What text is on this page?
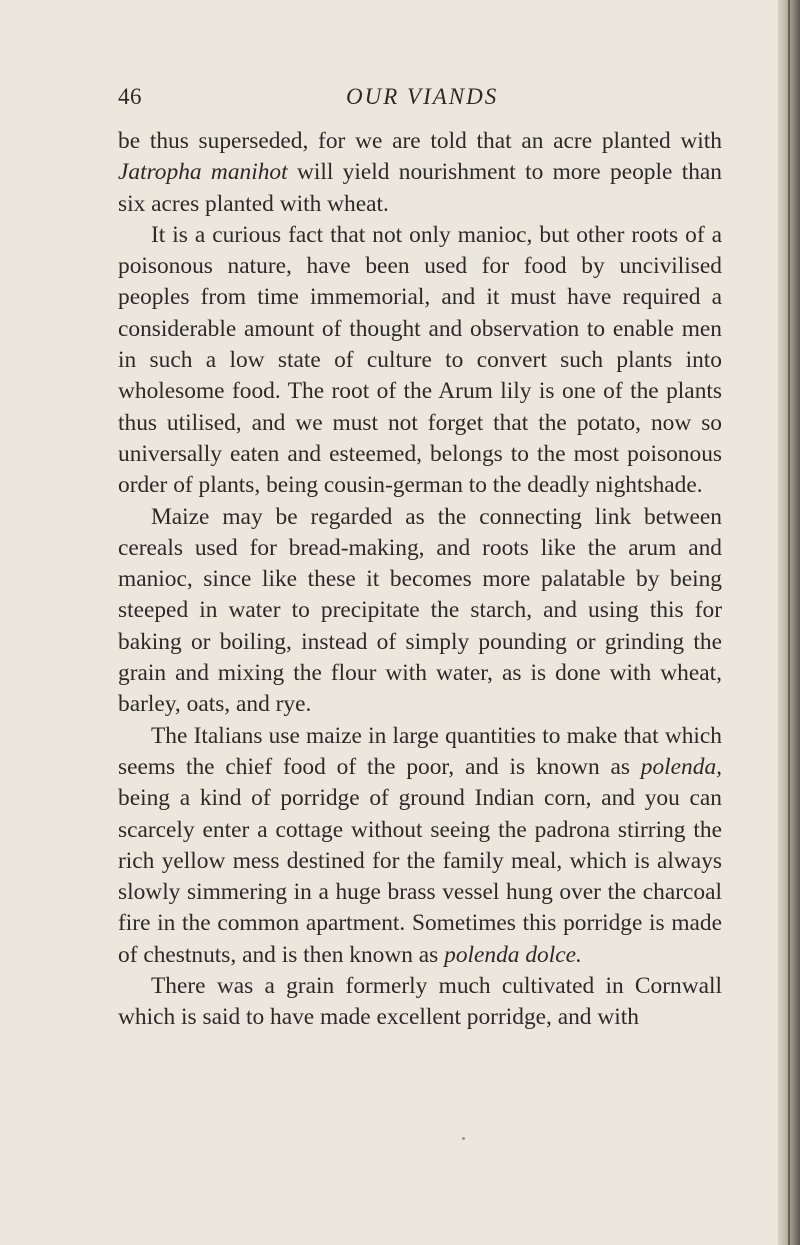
46	OUR VIANDS

be thus superseded, for we are told that an acre planted with Jatropha manihot will yield nourishment to more people than six acres planted with wheat.

It is a curious fact that not only manioc, but other roots of a poisonous nature, have been used for food by uncivilised peoples from time immemorial, and it must have required a considerable amount of thought and observation to enable men in such a low state of culture to convert such plants into wholesome food. The root of the Arum lily is one of the plants thus utilised, and we must not forget that the potato, now so universally eaten and esteemed, belongs to the most poisonous order of plants, being cousin-german to the deadly nightshade.

Maize may be regarded as the connecting link between cereals used for bread-making, and roots like the arum and manioc, since like these it becomes more palatable by being steeped in water to precipitate the starch, and using this for baking or boiling, instead of simply pounding or grinding the grain and mixing the flour with water, as is done with wheat, barley, oats, and rye.

The Italians use maize in large quantities to make that which seems the chief food of the poor, and is known as polenda, being a kind of porridge of ground Indian corn, and you can scarcely enter a cottage without seeing the padrona stirring the rich yellow mess destined for the family meal, which is always slowly simmering in a huge brass vessel hung over the charcoal fire in the common apartment. Sometimes this porridge is made of chestnuts, and is then known as polenda dolce.

There was a grain formerly much cultivated in Cornwall which is said to have made excellent porridge, and with
